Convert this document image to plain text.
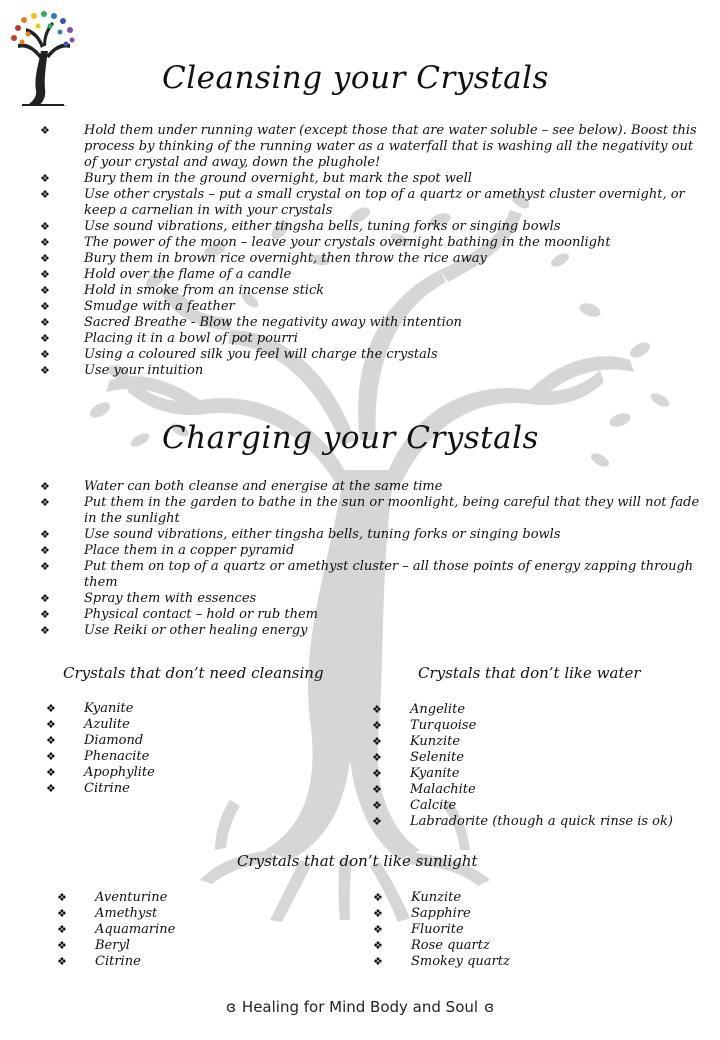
Cleansing your Crystals
❖	Hold them under running water (except those that are water soluble – see below). Boost this process by thinking of the running water as a waterfall that is washing all the negativity out of your crystal and away, down the plughole!
❖	Bury them in the ground overnight, but mark the spot well
❖	Use other crystals – put a small crystal on top of a quartz or amethyst cluster overnight, or keep a carnelian in with your crystals
❖	Use sound vibrations, either tingsha bells, tuning forks or singing bowls
❖	The power of the moon – leave your crystals overnight bathing in the moonlight
❖	Bury them in brown rice overnight, then throw the rice away
❖	Hold over the flame of a candle
❖	Hold in smoke from an incense stick
❖	Smudge with a feather
❖	Sacred Breathe - Blow the negativity away with intention
❖	Placing it in a bowl of pot pourri
❖	Using a coloured silk you feel will charge the crystals
❖	Use your intuition
Charging your Crystals
❖	Water can both cleanse and energise at the same time
❖	Put them in the garden to bathe in the sun or moonlight, being careful that they will not fade in the sunlight
❖	Use sound vibrations, either tingsha bells, tuning forks or singing bowls
❖	Place them in a copper pyramid
❖	Put them on top of a quartz or amethyst cluster – all those points of energy zapping through them
❖	Spray them with essences
❖	Physical contact – hold or rub them
❖	Use Reiki or other healing energy
Crystals that don’t need cleansing	Crystals that don’t like water
❖ Kyanite
❖ Azulite
❖ Diamond
❖ Phenacite
❖ Apophylite
❖ Citrine
❖ Angelite
❖ Turquoise
❖ Kunzite
❖ Selenite
❖ Kyanite
❖ Malachite
❖ Calcite
❖ Labradorite (though a quick rinse is ok)
Crystals that don’t like sunlight
❖ Aventurine
❖ Amethyst
❖ Aquamarine
❖ Beryl
❖ Citrine
❖ Kunzite
❖ Sapphire
❖ Fluorite
❖ Rose quartz
❖ Smokey quartz
ɞ Healing for Mind Body and Soul ɞ
